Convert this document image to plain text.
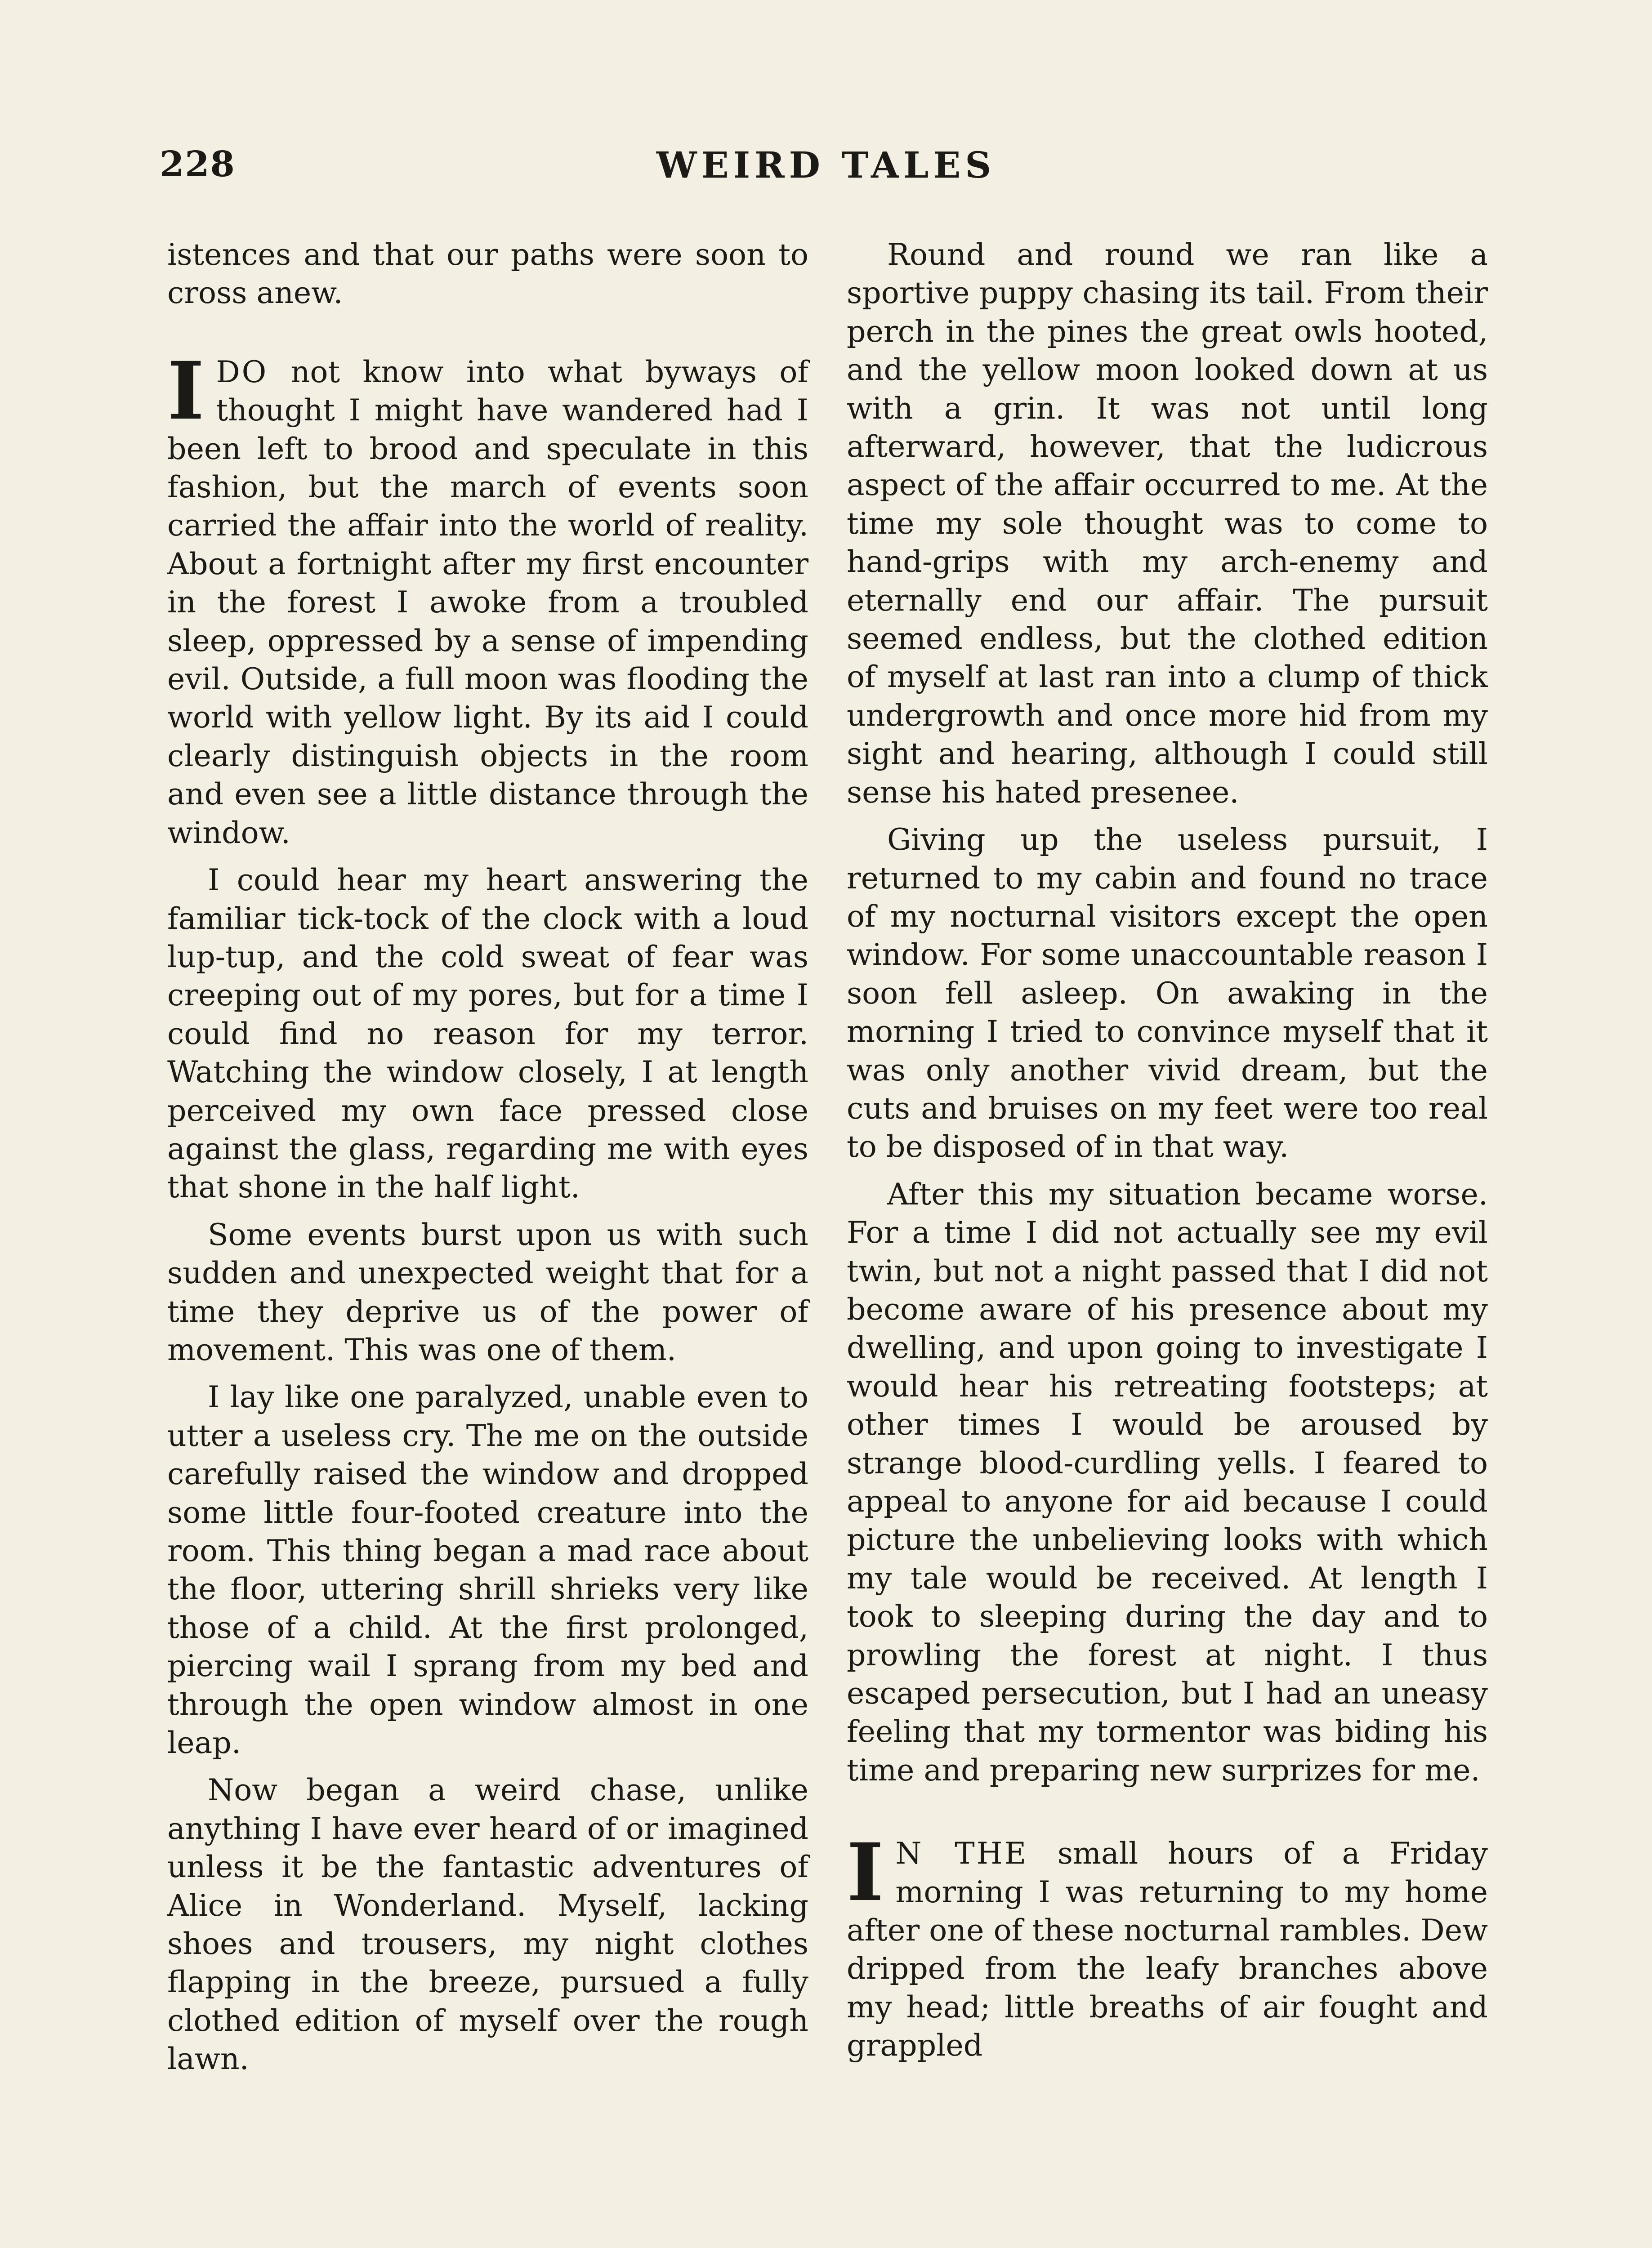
228	WEIRD TALES

istences and that our paths were soon to cross anew.

IDO not know into what byways of thought I might have wandered had I been left to brood and speculate in this fashion, but the march of events soon carried the affair into the world of reality. About a fortnight after my first encounter in the forest I awoke from a troubled sleep, oppressed by a sense of impending evil. Outside, a full moon was flooding the world with yellow light. By its aid I could clearly distinguish objects in the room and even see a little distance through the window.

I could hear my heart answering the familiar tick-tock of the clock with a loud lup-tup, and the cold sweat of fear was creeping out of my pores, but for a time I could find no reason for my terror. Watching the window closely, I at length perceived my own face pressed close against the glass, regarding me with eyes that shone in the half light.

Some events burst upon us with such sudden and unexpected weight that for a time they deprive us of the power of movement. This was one of them.

I lay like one paralyzed, unable even to utter a useless cry. The me on the outside carefully raised the window and dropped some little four-footed creature into the room. This thing began a mad race about the floor, uttering shrill shrieks very like those of a child. At the first prolonged, piercing wail I sprang from my bed and through the open window almost in one leap.

Now began a weird chase, unlike anything I have ever heard of or imagined unless it be the fantastic adventures of Alice in Wonderland. Myself, lacking shoes and trousers, my night clothes flapping in the breeze, pursued a fully clothed edition of myself over the rough lawn.

Round and round we ran like a sportive puppy chasing its tail. From their perch in the pines the great owls hooted, and the yellow moon looked down at us with a grin. It was not until long afterward, however, that the ludicrous aspect of the affair occurred to me. At the time my sole thought was to come to hand-grips with my arch-enemy and eternally end our affair. The pursuit seemed endless, but the clothed edition of myself at last ran into a clump of thick undergrowth and once more hid from my sight and hearing, although I could still sense his hated presenee.

Giving up the useless pursuit, I returned to my cabin and found no trace of my nocturnal visitors except the open window. For some unaccountable reason I soon fell asleep. On awaking in the morning I tried to convince myself that it was only another vivid dream, but the cuts and bruises on my feet were too real to be disposed of in that way.

After this my situation became worse. For a time I did not actually see my evil twin, but not a night passed that I did not become aware of his presence about my dwelling, and upon going to investigate I would hear his retreating footsteps; at other times I would be aroused by strange blood-curdling yells. I feared to appeal to anyone for aid because I could picture the unbelieving looks with which my tale would be received. At length I took to sleeping during the day and to prowling the forest at night. I thus escaped persecution, but I had an uneasy feeling that my tormentor was biding his time and preparing new surprizes for me.

I N THE small hours of a Friday morning I was returning to my home after one of these nocturnal rambles. Dew dripped from the leafy branches above my head; little breaths of air fought and grappled
